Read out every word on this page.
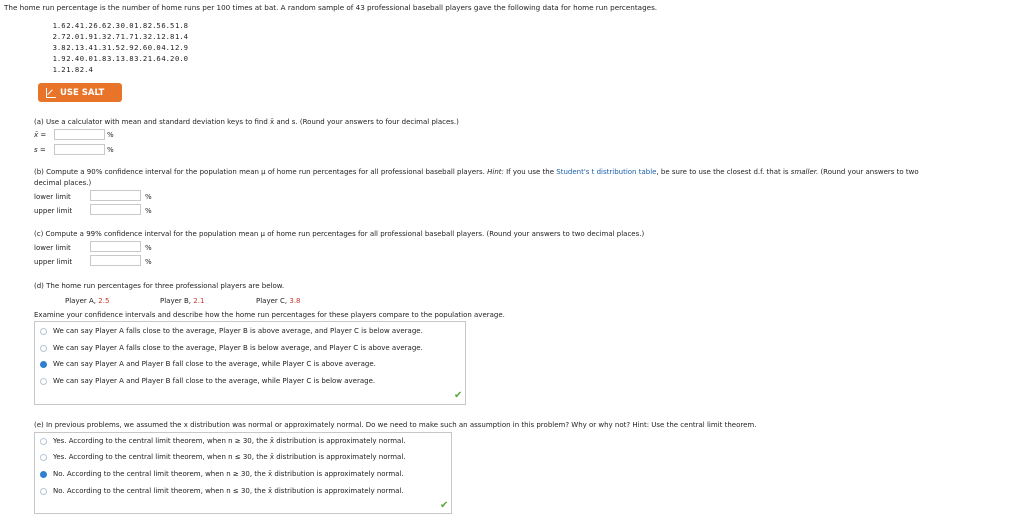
The home run percentage is the number of home runs per 100 times at bat. A random sample of 43 professional baseball players gave the following data for home run percentages.
1.6 2.4 1.2 6.6 2.3 0.0 1.8 2.5 6.5 1.8
2.7 2.0 1.9 1.3 2.7 1.7 1.3 2.1 2.8 1.4
3.8 2.1 3.4 1.3 1.5 2.9 2.6 0.0 4.1 2.9
1.9 2.4 0.0 1.8 3.1 3.8 3.2 1.6 4.2 0.0
1.2 1.8 2.4
USE SALT
(a) Use a calculator with mean and standard deviation keys to find x̄ and s. (Round your answers to four decimal places.)
x̄ =	%
s =	%
(b) Compute a 90% confidence interval for the population mean μ of home run percentages for all professional baseball players. Hint: If you use the Student's t distribution table, be sure to use the closest d.f. that is smaller. (Round your answers to two
decimal places.)
lower limit	%
upper limit	%
(c) Compute a 99% confidence interval for the population mean μ of home run percentages for all professional baseball players. (Round your answers to two decimal places.)
lower limit	%
upper limit	%
(d) The home run percentages for three professional players are below.
Player A, 2.5	Player B, 2.1	Player C, 3.8
Examine your confidence intervals and describe how the home run percentages for these players compare to the population average.
We can say Player A falls close to the average, Player B is above average, and Player C is below average.
We can say Player A falls close to the average, Player B is below average, and Player C is above average.
We can say Player A and Player B fall close to the average, while Player C is above average.
We can say Player A and Player B fall close to the average, while Player C is below average.
✔
(e) In previous problems, we assumed the x distribution was normal or approximately normal. Do we need to make such an assumption in this problem? Why or why not? Hint: Use the central limit theorem.
Yes. According to the central limit theorem, when n ≥ 30, the x̄ distribution is approximately normal.
Yes. According to the central limit theorem, when n ≤ 30, the x̄ distribution is approximately normal.
No. According to the central limit theorem, when n ≥ 30, the x̄ distribution is approximately normal.
No. According to the central limit theorem, when n ≤ 30, the x̄ distribution is approximately normal.
✔
